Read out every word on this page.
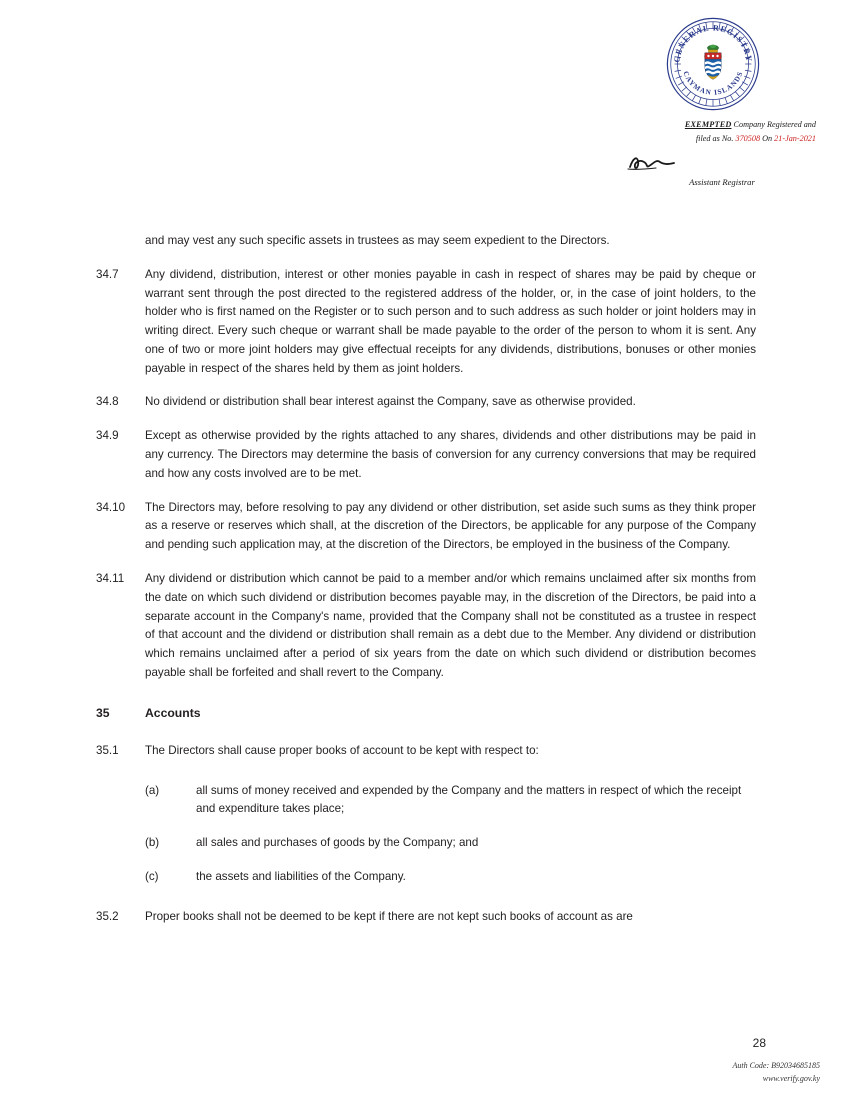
GENERAL REGISTRY
CAYMAN ISLANDS
EXEMPTED Company Registered and
filed as No. 370508 On 21-Jan-2021
Assistant Registrar
and may vest any such specific assets in trustees as may seem expedient to the Directors.
34.7	Any dividend, distribution, interest or other monies payable in cash in respect of shares may be paid by cheque or warrant sent through the post directed to the registered address of the holder, or, in the case of joint holders, to the holder who is first named on the Register or to such person and to such address as such holder or joint holders may in writing direct. Every such cheque or warrant shall be made payable to the order of the person to whom it is sent. Any one of two or more joint holders may give effectual receipts for any dividends, distributions, bonuses or other monies payable in respect of the shares held by them as joint holders.
34.8	No dividend or distribution shall bear interest against the Company, save as otherwise provided.
34.9	Except as otherwise provided by the rights attached to any shares, dividends and other distributions may be paid in any currency. The Directors may determine the basis of conversion for any currency conversions that may be required and how any costs involved are to be met.
34.10	The Directors may, before resolving to pay any dividend or other distribution, set aside such sums as they think proper as a reserve or reserves which shall, at the discretion of the Directors, be applicable for any purpose of the Company and pending such application may, at the discretion of the Directors, be employed in the business of the Company.
34.11	Any dividend or distribution which cannot be paid to a member and/or which remains unclaimed after six months from the date on which such dividend or distribution becomes payable may, in the discretion of the Directors, be paid into a separate account in the Company's name, provided that the Company shall not be constituted as a trustee in respect of that account and the dividend or distribution shall remain as a debt due to the Member. Any dividend or distribution which remains unclaimed after a period of six years from the date on which such dividend or distribution becomes payable shall be forfeited and shall revert to the Company.
35	Accounts
35.1	The Directors shall cause proper books of account to be kept with respect to:
(a)	all sums of money received and expended by the Company and the matters in respect of which the receipt and expenditure takes place;
(b)	all sales and purchases of goods by the Company; and
(c)	the assets and liabilities of the Company.
35.2	Proper books shall not be deemed to be kept if there are not kept such books of account as are
28
Auth Code: B92034685185
www.verify.gov.ky
